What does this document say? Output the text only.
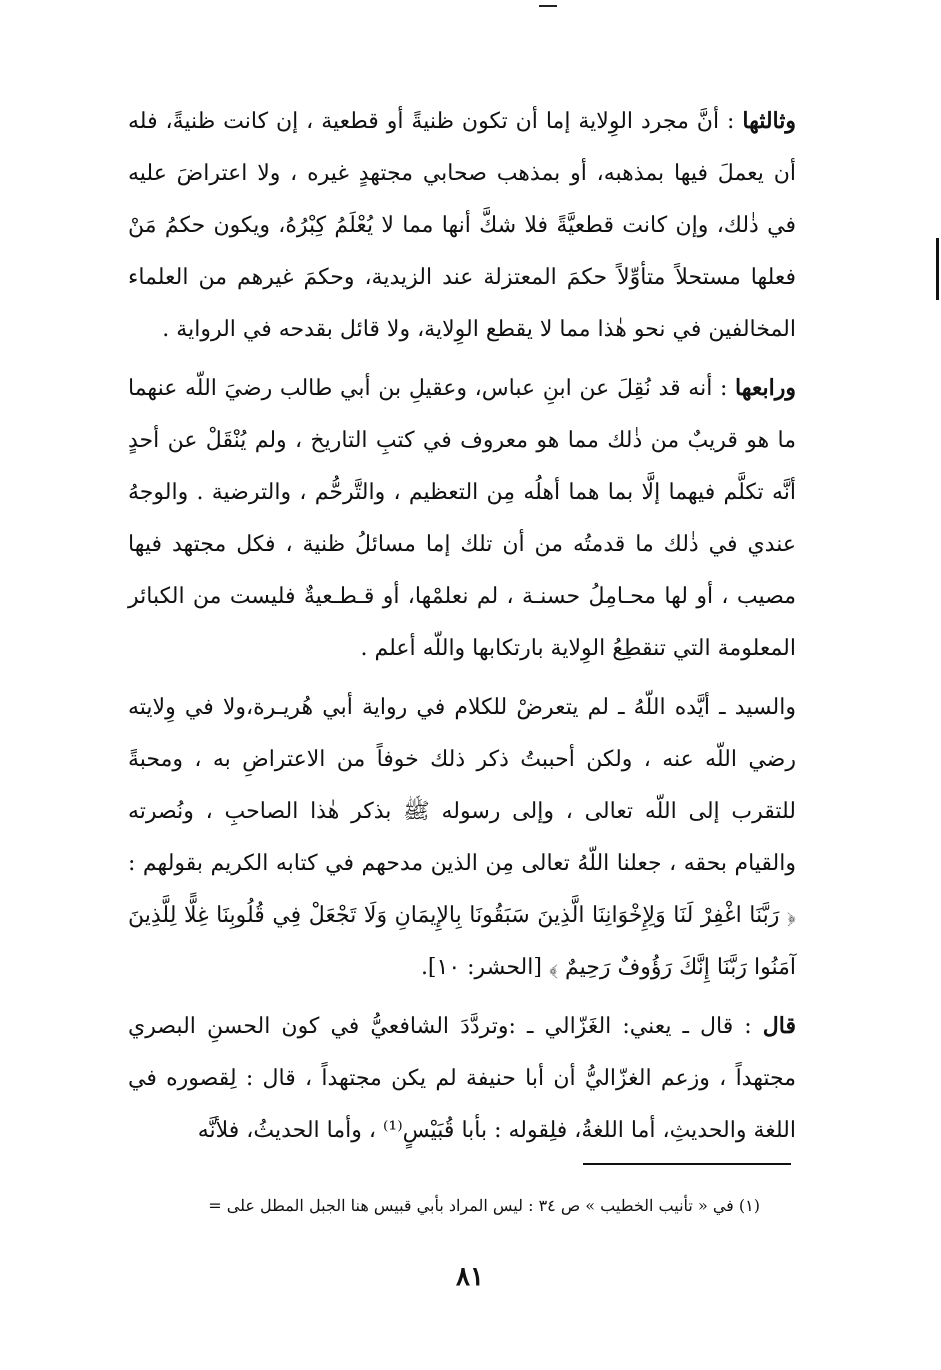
وثالثها : أنَّ مجرد الوِلاية إما أن تكون ظنيةً أو قطعية ، إن كانت ظنيةً، فله أن يعملَ فيها بمذهبه، أو بمذهب صحابي مجتهدٍ غيره ، ولا اعتراضَ عليه في ذٰلك، وإن كانت قطعيَّةً فلا شكَّ أنها مما لا يُعْلَمُ كِبْرُهُ، ويكون حكمُ مَنْ فعلها مستحلاً متأوِّلاً حكمَ المعتزلة عند الزيدية، وحكمَ غيرهم من العلماء المخالفين في نحو هٰذا مما لا يقطع الوِلاية، ولا قائل بقدحه في الرواية .

ورابعها : أنه قد نُقِلَ عن ابنِ عباس، وعقيلِ بن أبي طالب رضيَ اللّه عنهما ما هو قريبٌ من ذٰلك مما هو معروف في كتبِ التاريخ ، ولم يُنْقَلْ عن أحدٍ أنَّه تكلَّم فيهما إلَّا بما هما أهلُه مِن التعظيم ، والتَّرحُّم ، والترضية . والوجهُ عندي في ذٰلك ما قدمتُه من أن تلك إما مسائلُ ظنية ، فكل مجتهد فيها مصيب ، أو لها محـامِلُ حسنـة ، لم نعلمْها، أو قـطـعيةٌ فليست من الكبائر المعلومة التي تنقطِعُ الوِلاية بارتكابها واللّه أعلم .

والسيد ـ أيَّده اللّهُ ـ لم يتعرضْ للكلام في رواية أبي هُريـرة،ولا في وِلايته رضي اللّه عنه ، ولكن أحببتُ ذكر ذلك خوفاً من الاعتراضِ به ، ومحبةً للتقرب إلى اللّه تعالى ، وإلى رسوله ﷺ بذكر هٰذا الصاحبِ ، ونُصرته والقيام بحقه ، جعلنا اللّهُ تعالى مِن الذين مدحهم في كتابه الكريم بقولهم : ﴿ رَبَّنَا اغْفِرْ لَنَا وَلِإِخْوَانِنَا الَّذِينَ سَبَقُونَا بِالإِيمَانِ وَلَا تَجْعَلْ فِي قُلُوبِنَا غِلًّا لِلَّذِينَ آمَنُوا رَبَّنَا إِنَّكَ رَؤُوفٌ رَحِيمٌ ﴾ [الحشر: ١٠].

قال : قال ـ يعني: الغَزّالي ـ :وتردَّدَ الشافعيُّ في كون الحسنِ البصري مجتهداً ، وزعم الغزّاليُّ أن أبا حنيفة لم يكن مجتهداً ، قال : لِقصوره في اللغة والحديثِ، أما اللغةُ، فلِقوله : بأبا قُبَيْسٍ⁽¹⁾ ، وأما الحديثُ، فلأنَّه

(١) في « تأنيب الخطيب » ص ٣٤ : ليس المراد بأبي قبيس هنا الجبل المطل على =
٨١
